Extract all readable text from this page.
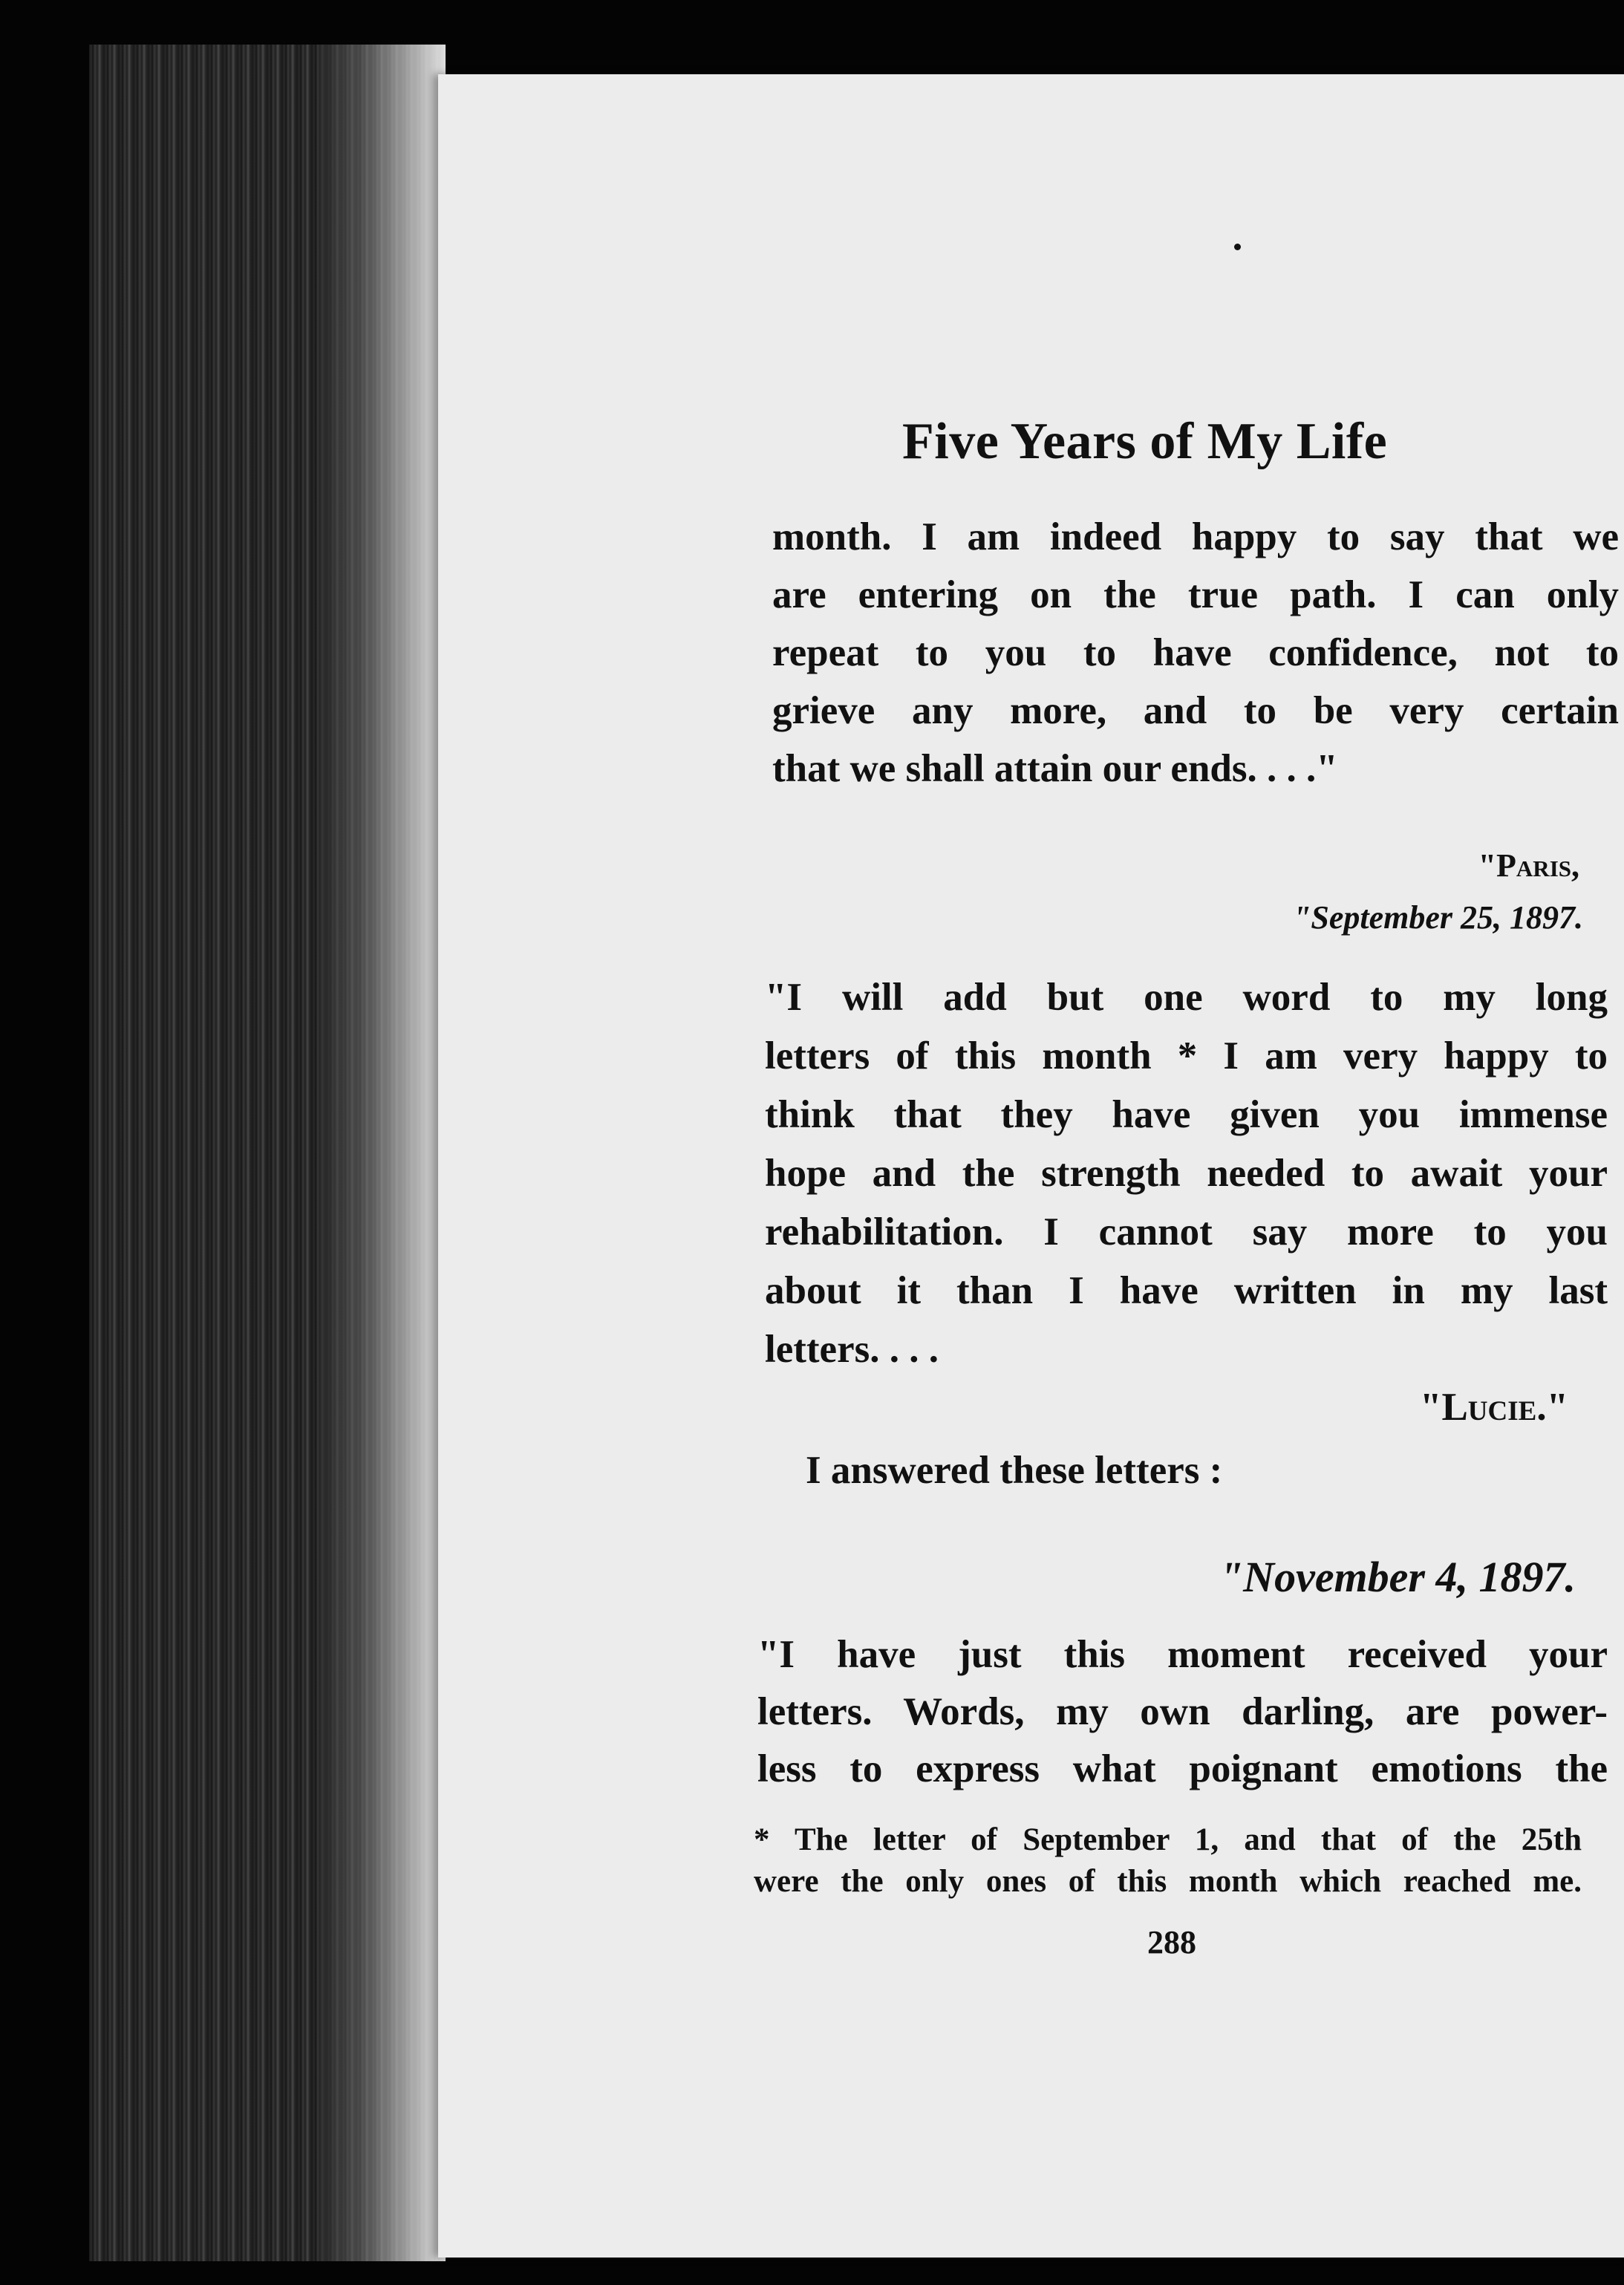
Five Years of My Life
month. I am indeed happy to say that we
are entering on the true path. I can only
repeat to you to have confidence, not to
grieve any more, and to be very certain
that we shall attain our ends. . . ."
"Paris,
"September 25, 1897.
"I will add but one word to my long
letters of this month * I am very happy to
think that they have given you immense
hope and the strength needed to await your
rehabilitation. I cannot say more to you
about it than I have written in my last
letters. . . .
"Lucie."
I answered these letters :
"November 4, 1897.
"I have just this moment received your
letters. Words, my own darling, are power-
less to express what poignant emotions the
* The letter of September 1, and that of the 25th
were the only ones of this month which reached me.
288
